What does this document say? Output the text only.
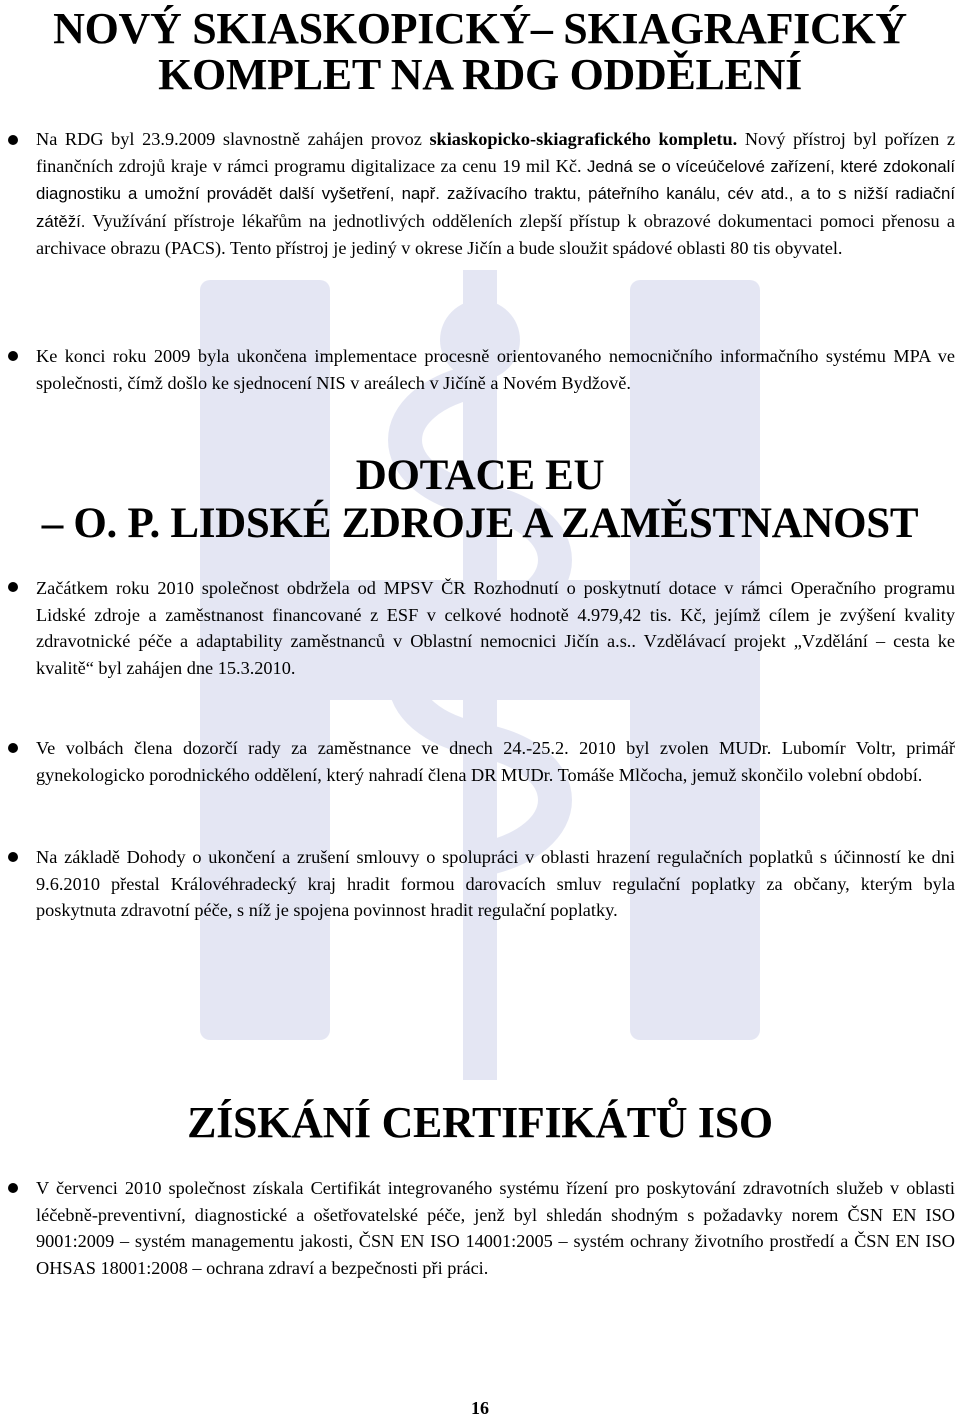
NOVÝ SKIASKOPICKÝ– SKIAGRAFICKÝ
KOMPLET NA RDG ODDĚLENÍ

Na RDG byl 23.9.2009 slavnostně zahájen provoz skiaskopicko-skiagrafického kompletu. Nový přístroj byl pořízen z finančních zdrojů kraje v rámci programu digitalizace za cenu 19 mil Kč. Jedná se o víceúčelové zařízení, které zdokonalí diagnostiku a umožní provádět další vyšetření, např. zažívacího traktu, páteřního kanálu, cév atd., a to s nižší radiační zátěží. Využívání přístroje lékařům na jednotlivých odděleních zlepší přístup k obrazové dokumentaci pomoci přenosu a archivace obrazu (PACS). Tento přístroj je jediný v okrese Jičín a bude sloužit spádové oblasti 80 tis obyvatel.

Ke konci roku 2009 byla ukončena implementace procesně orientovaného nemocničního informačního systému MPA ve společnosti, čímž došlo ke sjednocení NIS v areálech v Jičíně a Novém Bydžově.

DOTACE EU
– O. P. LIDSKÉ ZDROJE A ZAMĚSTNANOST

Začátkem roku 2010 společnost obdržela od MPSV ČR Rozhodnutí o poskytnutí dotace v rámci Operačního programu Lidské zdroje a zaměstnanost financované z ESF v celkové hodnotě 4.979,42 tis. Kč, jejímž cílem je zvýšení kvality zdravotnické péče a adaptability zaměstnanců v Oblastní nemocnici Jičín a.s.. Vzdělávací projekt „Vzdělání – cesta ke kvalitě“ byl zahájen dne 15.3.2010.

Ve volbách člena dozorčí rady za zaměstnance ve dnech 24.-25.2. 2010 byl zvolen MUDr. Lubomír Voltr, primář gynekologicko porodnického oddělení, který nahradí člena DR MUDr. Tomáše Mlčocha, jemuž skončilo volební období.

Na základě Dohody o ukončení a zrušení smlouvy o spolupráci v oblasti hrazení regulačních poplatků s účinností ke dni 9.6.2010 přestal Královéhradecký kraj hradit formou darovacích smluv regulační poplatky za občany, kterým byla poskytnuta zdravotní péče, s níž je spojena povinnost hradit regulační poplatky.

ZÍSKÁNÍ CERTIFIKÁTŮ ISO

V červenci 2010 společnost získala Certifikát integrovaného systému řízení pro poskytování zdravotních služeb v oblasti léčebně-preventivní, diagnostické a ošetřovatelské péče, jenž byl shledán shodným s požadavky norem ČSN EN ISO 9001:2009 – systém managementu jakosti, ČSN EN ISO 14001:2005 – systém ochrany životního prostředí a ČSN EN ISO OHSAS 18001:2008 – ochrana zdraví a bezpečnosti při práci.

16
